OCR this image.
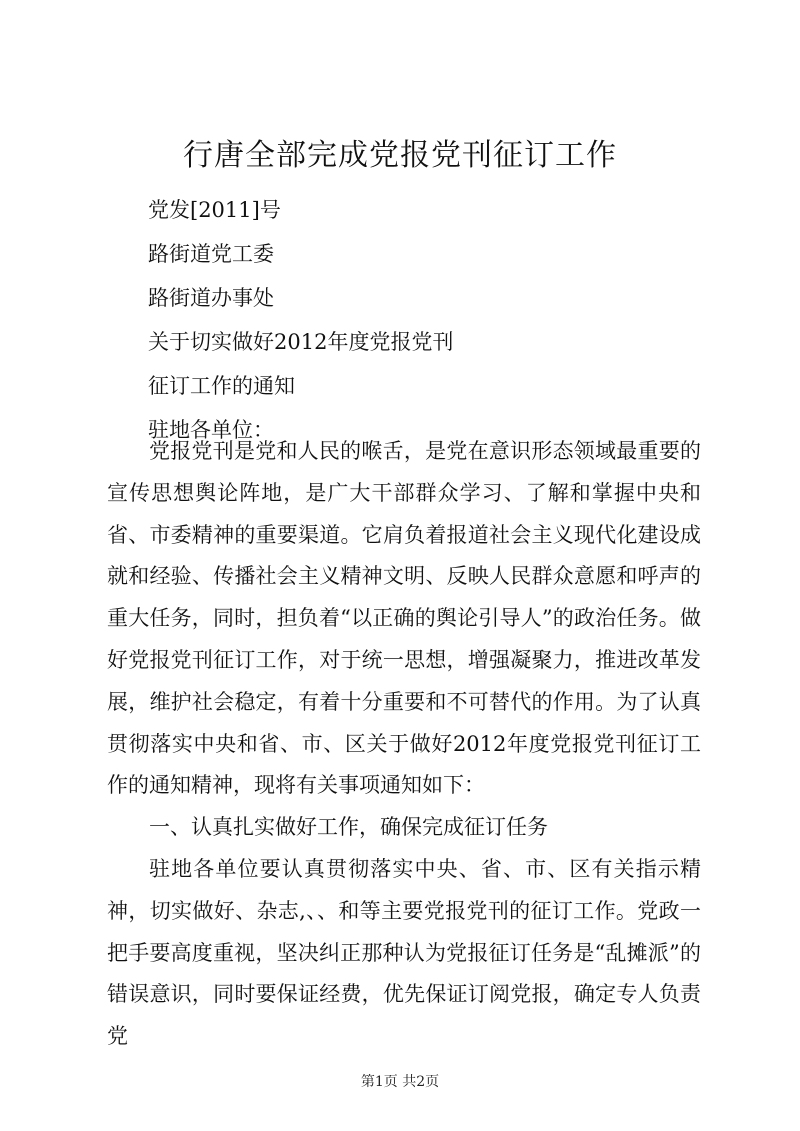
行唐全部完成党报党刊征订工作
党发[2011]号
路街道党工委
路街道办事处
关于切实做好2012年度党报党刊
征订工作的通知
驻地各单位：

党报党刊是党和人民的喉舌，是党在意识形态领域最重要的宣传思想舆论阵地，是广大干部群众学习、了解和掌握中央和省、市委精神的重要渠道。它肩负着报道社会主义现代化建设成就和经验、传播社会主义精神文明、反映人民群众意愿和呼声的重大任务，同时，担负着“以正确的舆论引导人”的政治任务。做好党报党刊征订工作，对于统一思想，增强凝聚力，推进改革发展，维护社会稳定，有着十分重要和不可替代的作用。为了认真贯彻落实中央和省、市、区关于做好2012年度党报党刊征订工作的通知精神，现将有关事项通知如下：

一、认真扎实做好工作，确保完成征订任务

驻地各单位要认真贯彻落实中央、省、市、区有关指示精神，切实做好、杂志,、、和等主要党报党刊的征订工作。党政一把手要高度重视，坚决纠正那种认为党报征订任务是“乱摊派”的错误意识，同时要保证经费，优先保证订阅党报，确定专人负责党

第1页 共2页
